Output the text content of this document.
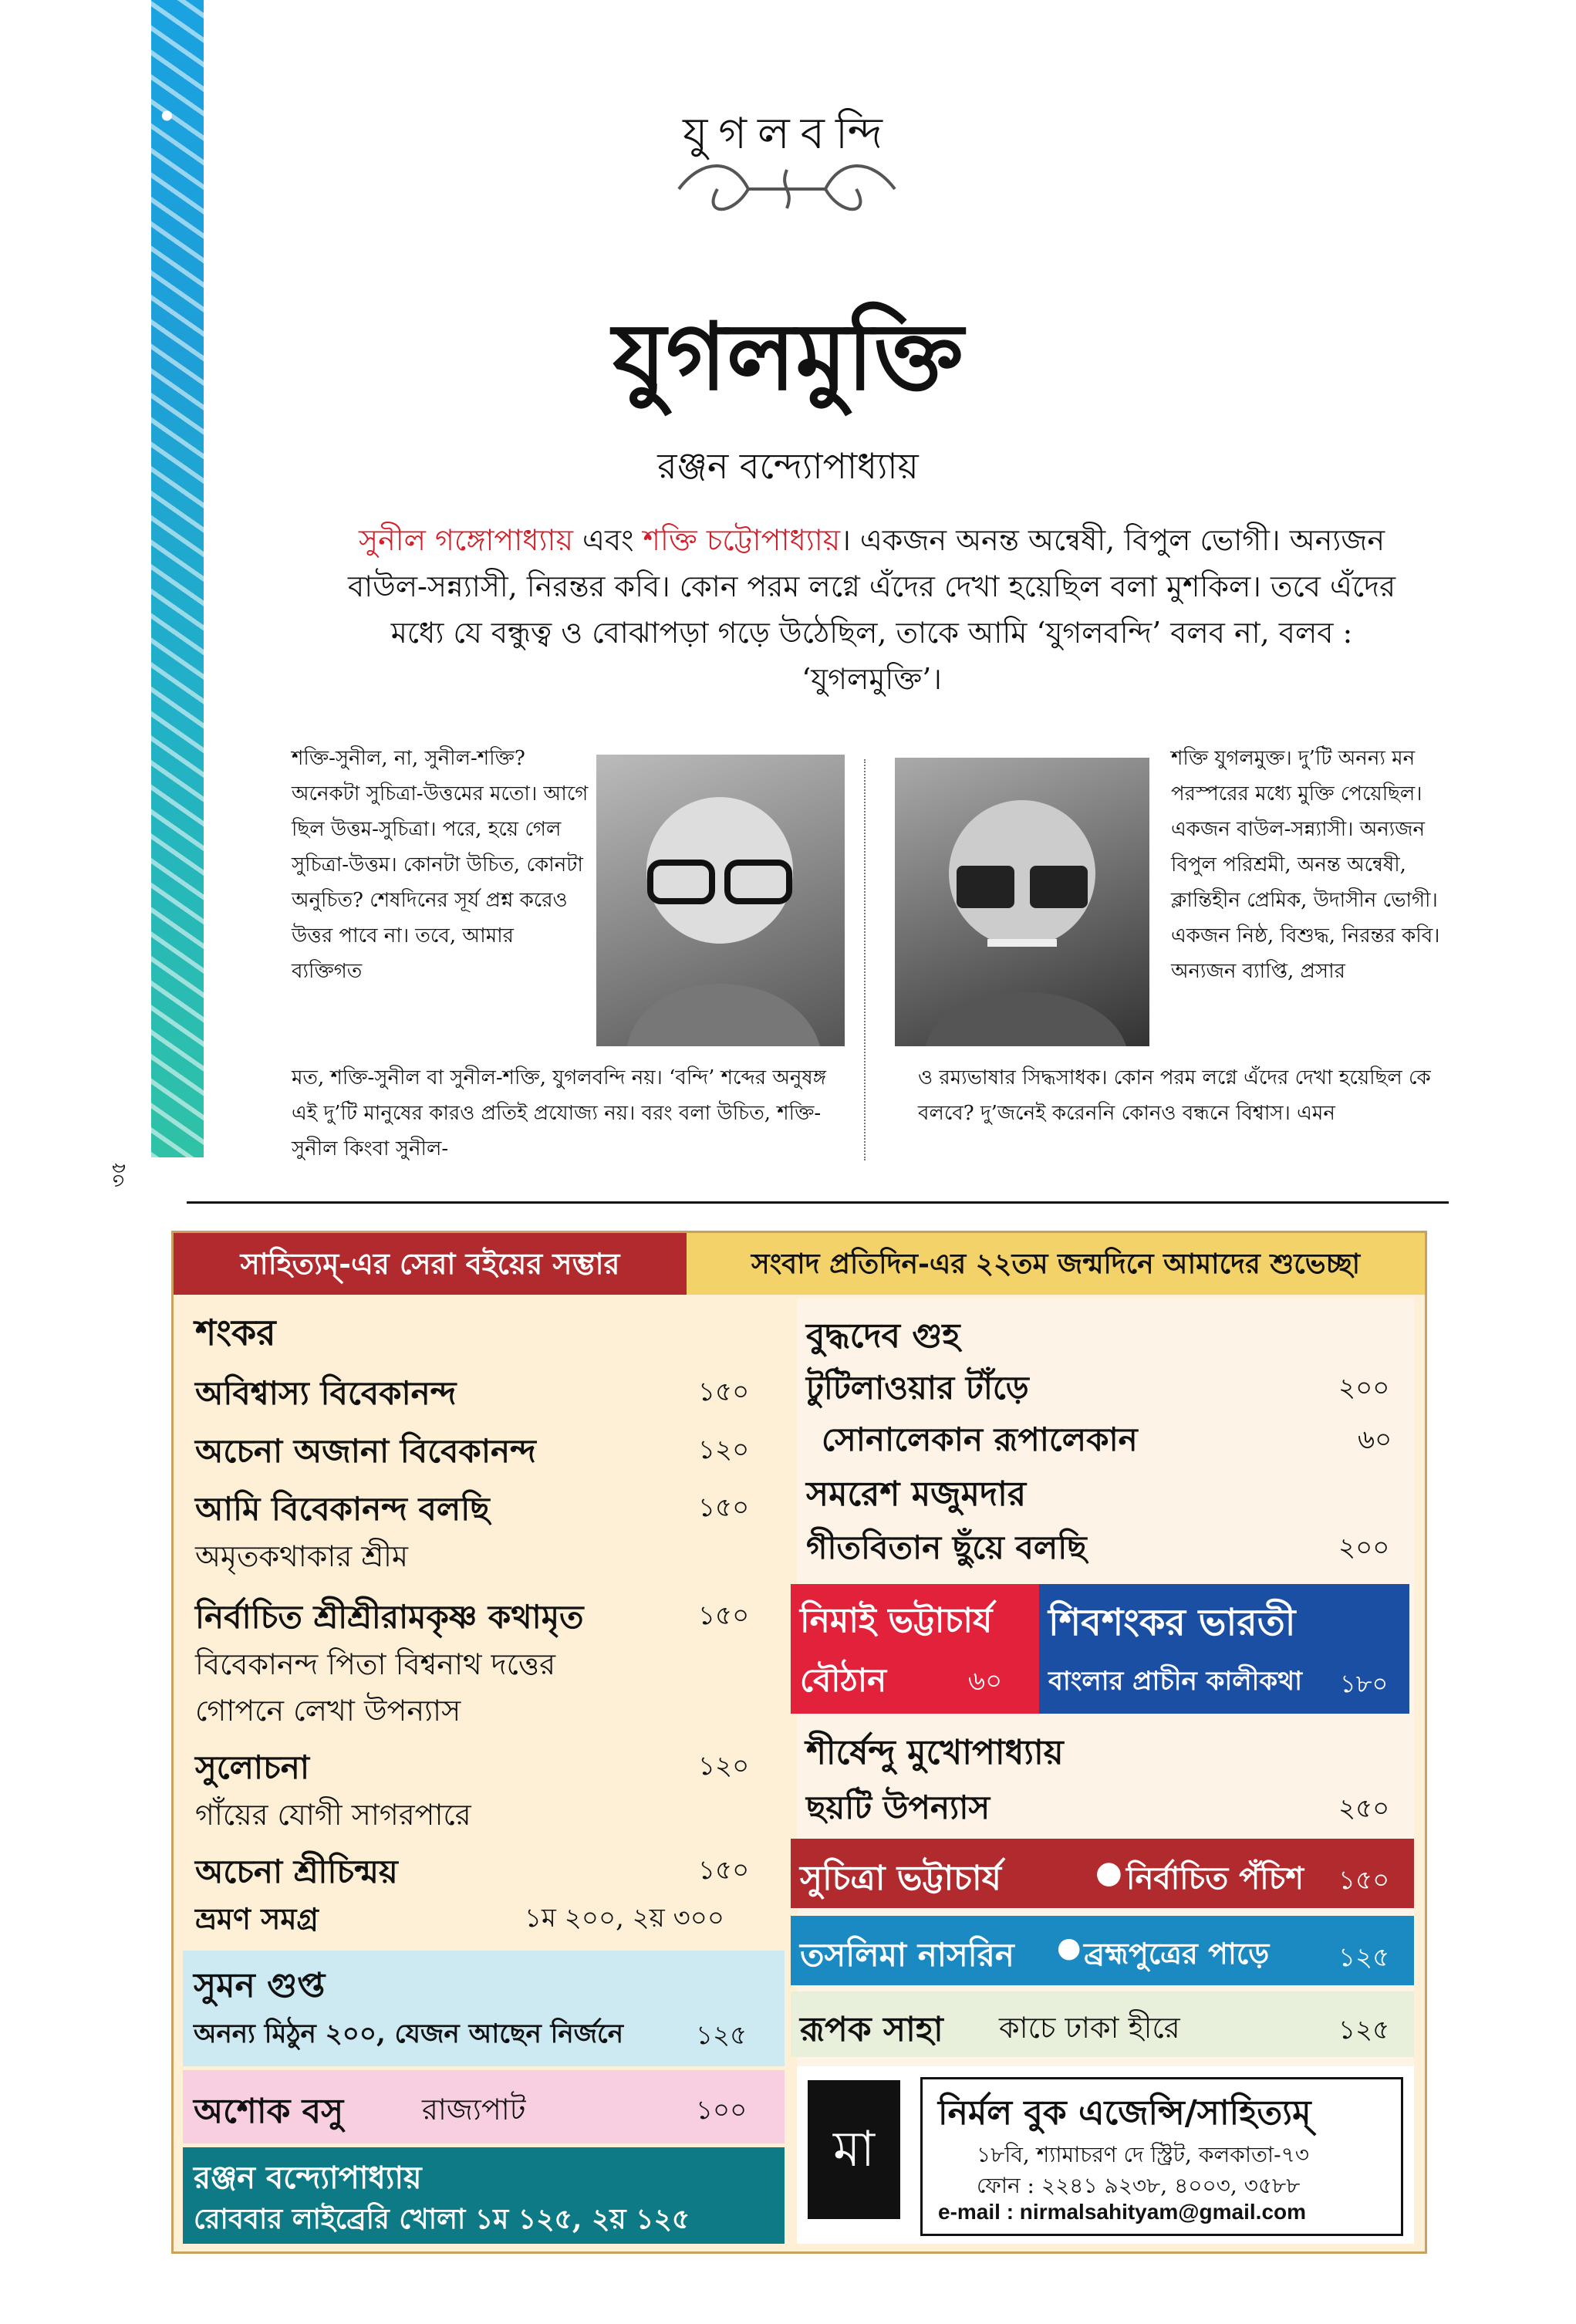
৩৫
যুগলবন্দি
যুগলমুক্তি
রঞ্জন বন্দ্যোপাধ্যায়
সুনীল গঙ্গোপাধ্যায় এবং শক্তি চট্টোপাধ্যায়। একজন অনন্ত অন্বেষী, বিপুল ভোগী। অন্যজন বাউল-সন্ন্যাসী, নিরন্তর কবি। কোন পরম লগ্নে এঁদের দেখা হয়েছিল বলা মুশকিল। তবে এঁদের মধ্যে যে বন্ধুত্ব ও বোঝাপড়া গড়ে উঠেছিল, তাকে আমি ‘যুগলবন্দি’ বলব না, বলব : ‘যুগলমুক্তি’।
শক্তি-সুনীল, না, সুনীল-শক্তি? অনেকটা সুচিত্রা-উত্তমের মতো। আগে ছিল উত্তম-সুচিত্রা। পরে, হয়ে গেল সুচিত্রা-উত্তম। কোনটা উচিত, কোনটা অনুচিত? শেষদিনের সূর্য প্রশ্ন করেও উত্তর পাবে না। তবে, আমার ব্যক্তিগত
শক্তি যুগলমুক্ত। দু’টি অনন্য মন পরস্পরের মধ্যে মুক্তি পেয়েছিল। একজন বাউল-সন্ন্যাসী। অন্যজন বিপুল পরিশ্রমী, অনন্ত অন্বেষী, ক্লান্তিহীন প্রেমিক, উদাসীন ভোগী। একজন নিষ্ঠ, বিশুদ্ধ, নিরন্তর কবি। অন্যজন ব্যাপ্তি, প্রসার
মত, শক্তি-সুনীল বা সুনীল-শক্তি, যুগলবন্দি নয়। ‘বন্দি’ শব্দের অনুষঙ্গ এই দু’টি মানুষের কারও প্রতিই প্রযোজ্য নয়। বরং বলা উচিত, শক্তি-সুনীল কিংবা সুনীল-
ও রম্যভাষার সিদ্ধসাধক। কোন পরম লগ্নে এঁদের দেখা হয়েছিল কে বলবে? দু’জনেই করেননি কোনও বন্ধনে বিশ্বাস। এমন
সাহিত্যম্-এর সেরা বইয়ের সম্ভার	সংবাদ প্রতিদিন-এর ২২তম জন্মদিনে আমাদের শুভেচ্ছা
শংকর
অবিশ্বাস্য বিবেকানন্দ	১৫০
অচেনা অজানা বিবেকানন্দ	১২০
আমি বিবেকানন্দ বলছি	১৫০
অমৃতকথাকার শ্রীম
নির্বাচিত শ্রীশ্রীরামকৃষ্ণ কথামৃত	১৫০
বিবেকানন্দ পিতা বিশ্বনাথ দত্তের
গোপনে লেখা উপন্যাস
সুলোচনা	১২০
গাঁয়ের যোগী সাগরপারে
অচেনা শ্রীচিন্ময়	১৫০
ভ্রমণ সমগ্র	১ম ২০০, ২য় ৩০০
সুমন গুপ্ত
অনন্য মিঠুন ২০০, যেজন আছেন নির্জনে	১২৫
অশোক বসু	রাজ্যপাট	১০০
রঞ্জন বন্দ্যোপাধ্যায়
রোববার লাইব্রেরি খোলা ১ম ১২৫, ২য় ১২৫
বুদ্ধদেব গুহ
টুটিলাওয়ার টাঁড়ে	২০০
সোনালেকান রূপালেকান	৬০
সমরেশ মজুমদার
গীতবিতান ছুঁয়ে বলছি	২০০
নিমাই ভট্টাচার্য
বৌঠান	৬০
শিবশংকর ভারতী
বাংলার প্রাচীন কালীকথা ১৮০
শীর্ষেন্দু মুখোপাধ্যায়
ছয়টি উপন্যাস	২৫০
সুচিত্রা ভট্টাচার্য	● নির্বাচিত পঁচিশ ১৫০
তসলিমা নাসরিন ● ব্রহ্মপুত্রের পাড়ে	১২৫
রূপক সাহা কাচে ঢাকা হীরে	১২৫
মা
নির্মল বুক এজেন্সি/সাহিত্যম্
১৮বি, শ্যামাচরণ দে স্ট্রিট, কলকাতা-৭৩
ফোন : ২২৪১ ৯২৩৮, ৪০০৩, ৩৫৮৮
e-mail : nirmalsahityam@gmail.com
